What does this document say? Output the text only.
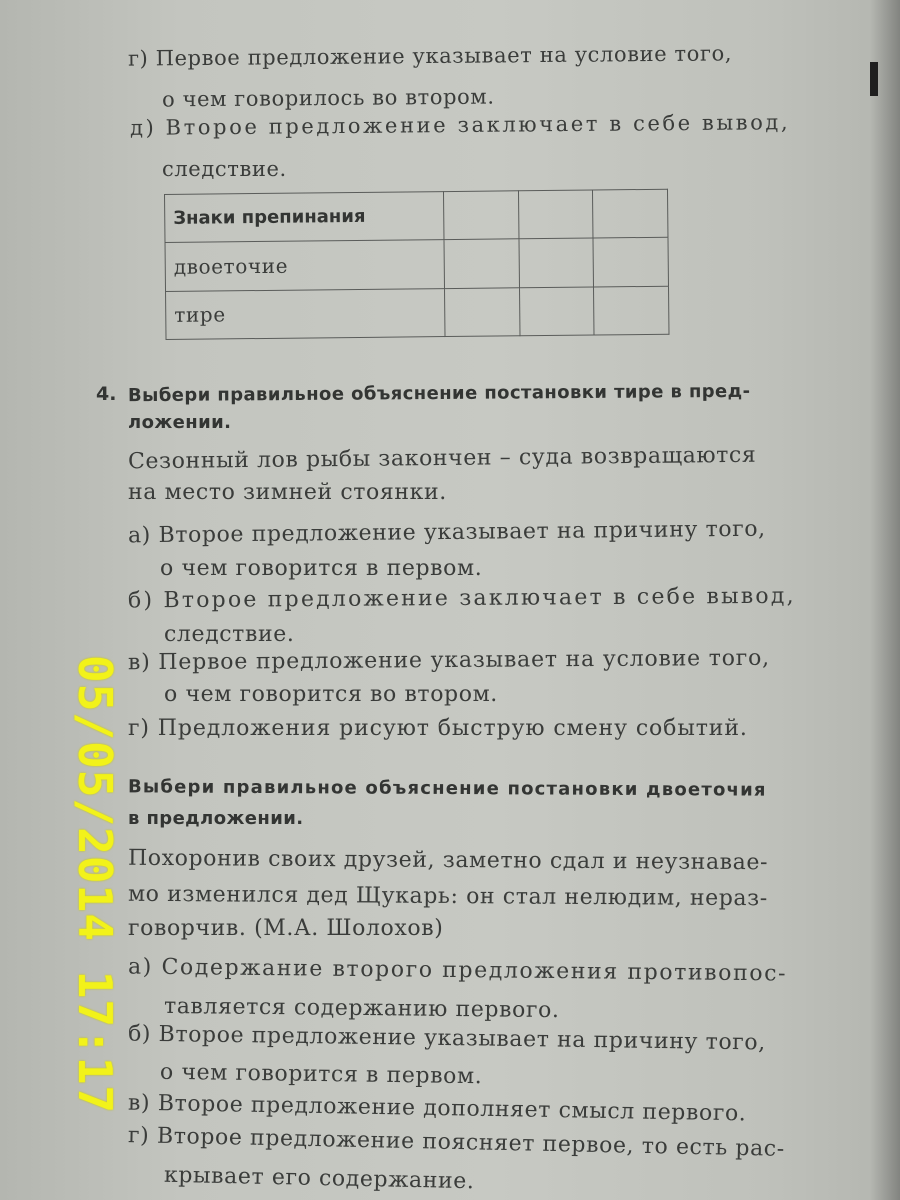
г) Первое предложение указывает на условие того,
о чем говорилось во втором.
д) Второе предложение заключает в себе вывод,
следствие.
Знаки препинания			
двоеточие			
тире			
4. Выбери правильное объяснение постановки тире в пред-
ложении.
Сезонный лов рыбы закончен – суда возвращаются
на место зимней стоянки.
а) Второе предложение указывает на причину того,
о чем говорится в первом.
б) Второе предложение заключает в себе вывод,
следствие.
в) Первое предложение указывает на условие того,
о чем говорится во втором.
г) Предложения рисуют быструю смену событий.
Выбери правильное объяснение постановки двоеточия
в предложении.
Похоронив своих друзей, заметно сдал и неузнавае-
мо изменился дед Щукарь: он стал нелюдим, нераз-
говорчив. (М.А. Шолохов)
а) Содержание второго предложения противопос-
тавляется содержанию первого.
б) Второе предложение указывает на причину того,
о чем говорится в первом.
в) Второе предложение дополняет смысл первого.
г) Второе предложение поясняет первое, то есть рас-
крывает его содержание.
05/05/2014 17:17
